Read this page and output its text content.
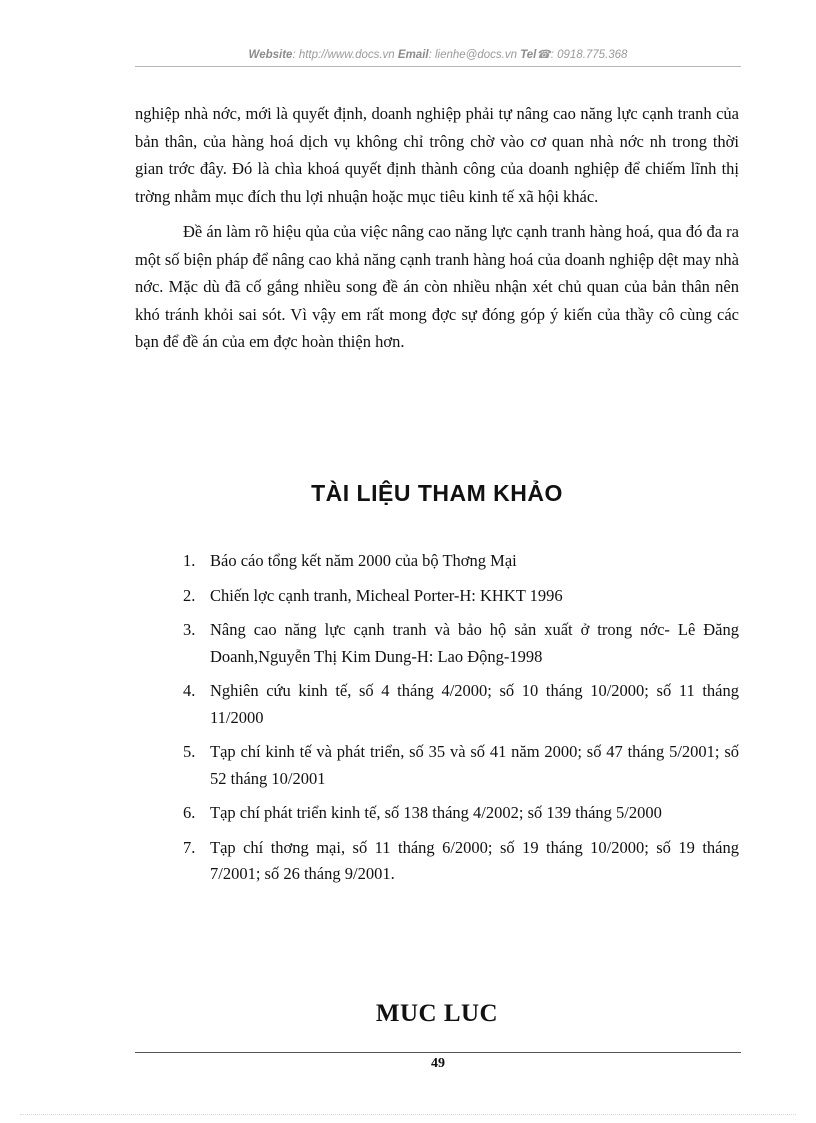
Website: http://www.docs.vn Email: lienhe@docs.vn Tel☎: 0918.775.368

nghiệp nhà nớc, mới là quyết định, doanh nghiệp phải tự nâng cao năng lực cạnh tranh của bản thân, của hàng hoá dịch vụ không chỉ trông chờ vào cơ quan nhà nớc nh trong thời gian trớc đây. Đó là chìa khoá quyết định thành công của doanh nghiệp để chiếm lĩnh thị trờng nhằm mục đích thu lợi nhuận hoặc mục tiêu kinh tế xã hội khác.

Đề án làm rõ hiệu qủa của việc nâng cao năng lực cạnh tranh hàng hoá, qua đó đa ra một số biện pháp để nâng cao khả năng cạnh tranh hàng hoá của doanh nghiệp dệt may nhà nớc. Mặc dù đã cố gắng nhiều song đề án còn nhiều nhận xét chủ quan của bản thân nên khó tránh khỏi sai sót. Vì vậy em rất mong đợc sự đóng góp ý kiến của thầy cô cùng các bạn để đề án của em đợc hoàn thiện hơn.

TÀI LIỆU THAM KHẢO
1. Báo cáo tổng kết năm 2000 của bộ Thơng Mại
2. Chiến lợc cạnh tranh, Micheal Porter-H: KHKT 1996
3. Nâng cao năng lực cạnh tranh và bảo hộ sản xuất ở trong nớc- Lê Đăng Doanh,Nguyễn Thị Kim Dung-H: Lao Động-1998
4. Nghiên cứu kinh tế, số 4 tháng 4/2000; số 10 tháng 10/2000; số 11 tháng 11/2000
5. Tạp chí kinh tế và phát triển, số 35 và số 41 năm 2000; số 47 tháng 5/2001; số 52 tháng 10/2001
6. Tạp chí phát triển kinh tế, số 138 tháng 4/2002; số 139 tháng 5/2000
7. Tạp chí thơng mại, số 11 tháng 6/2000; số 19 tháng 10/2000; số 19 tháng 7/2001; số 26 tháng 9/2001.
MUC LUC
49
